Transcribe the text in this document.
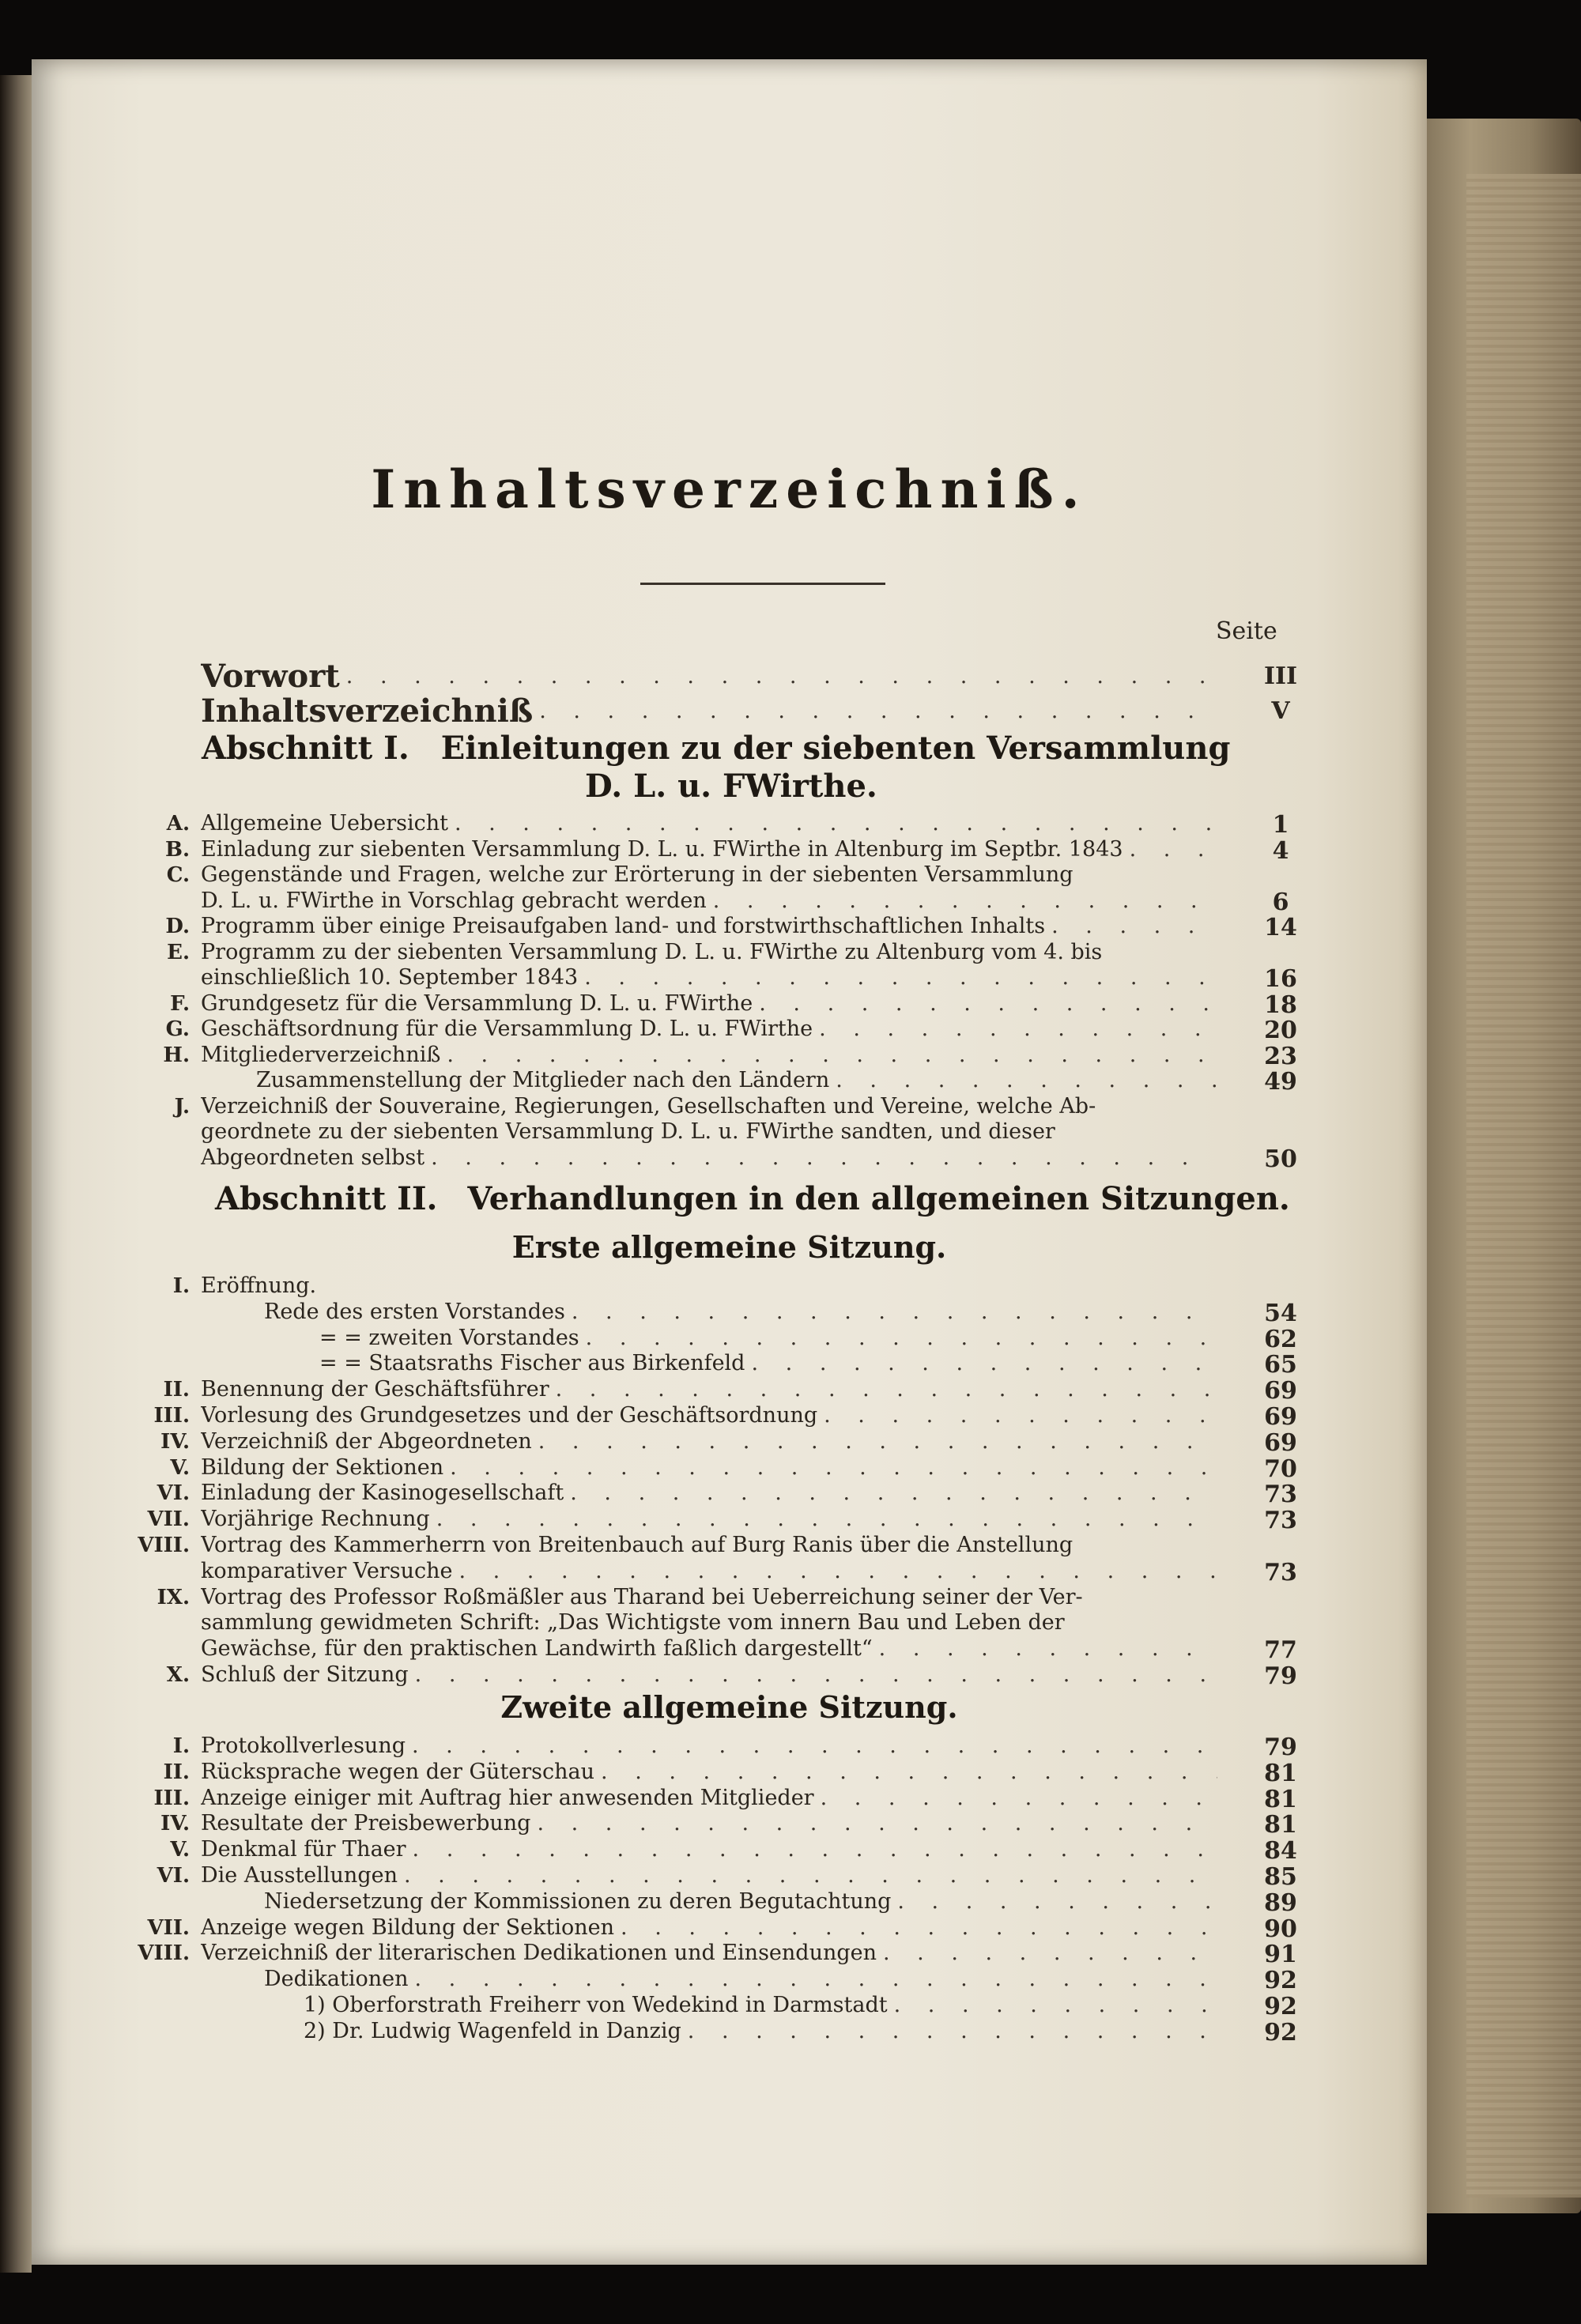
Inhaltsverzeichniß.
Seite
Vorwort . . .	III
Inhaltsverzeichniß . . .	V
Abschnitt I. Einleitungen zu der siebenten Versammlung
D. L. u. FWirthe.
A. Allgemeine Uebersicht . . .	1
B. Einladung zur siebenten Versammlung D. L. u. FWirthe in Altenburg im Septbr. 1843 . . .	4
C. Gegenstände und Fragen, welche zur Erörterung in der siebenten Versammlung
D. L. u. FWirthe in Vorschlag gebracht werden . . .	6
D. Programm über einige Preisaufgaben land- und forstwirthschaftlichen Inhalts . . .	14
E. Programm zu der siebenten Versammlung D. L. u. FWirthe zu Altenburg vom 4. bis
einschließlich 10. September 1843 . . .	16
F. Grundgesetz für die Versammlung D. L. u. FWirthe . . .	18
G. Geschäftsordnung für die Versammlung D. L. u. FWirthe . . .	20
H. Mitgliederverzeichniß . . .	23
Zusammenstellung der Mitglieder nach den Ländern . . .	49
J. Verzeichniß der Souveraine, Regierungen, Gesellschaften und Vereine, welche Ab-
geordnete zu der siebenten Versammlung D. L. u. FWirthe sandten, und dieser
Abgeordneten selbst . . .	50
Abschnitt II. Verhandlungen in den allgemeinen Sitzungen.
Erste allgemeine Sitzung.
I. Eröffnung.
Rede des ersten Vorstandes . . .	54
= = zweiten Vorstandes . . .	62
= = Staatsraths Fischer aus Birkenfeld . . .	65
II. Benennung der Geschäftsführer . . .	69
III. Vorlesung des Grundgesetzes und der Geschäftsordnung . . .	69
IV. Verzeichniß der Abgeordneten . . .	69
V. Bildung der Sektionen . . .	70
VI. Einladung der Kasinogesellschaft . . .	73
VII. Vorjährige Rechnung . . .	73
VIII. Vortrag des Kammerherrn von Breitenbauch auf Burg Ranis über die Anstellung
komparativer Versuche . . .	73
IX. Vortrag des Professor Roßmäßler aus Tharand bei Ueberreichung seiner der Ver-
sammlung gewidmeten Schrift: „Das Wichtigste vom innern Bau und Leben der
Gewächse, für den praktischen Landwirth faßlich dargestellt“ . . .	77
X. Schluß der Sitzung . . .	79
Zweite allgemeine Sitzung.
I. Protokollverlesung . . .	79
II. Rücksprache wegen der Güterschau . . .	81
III. Anzeige einiger mit Auftrag hier anwesenden Mitglieder . . .	81
IV. Resultate der Preisbewerbung . . .	81
V. Denkmal für Thaer . . .	84
VI. Die Ausstellungen . . .	85
Niedersetzung der Kommissionen zu deren Begutachtung . . .	89
VII. Anzeige wegen Bildung der Sektionen . . .	90
VIII. Verzeichniß der literarischen Dedikationen und Einsendungen . . .	91
Dedikationen . . .	92
1) Oberforstrath Freiherr von Wedekind in Darmstadt . . .	92
2) Dr. Ludwig Wagenfeld in Danzig . . .	92
